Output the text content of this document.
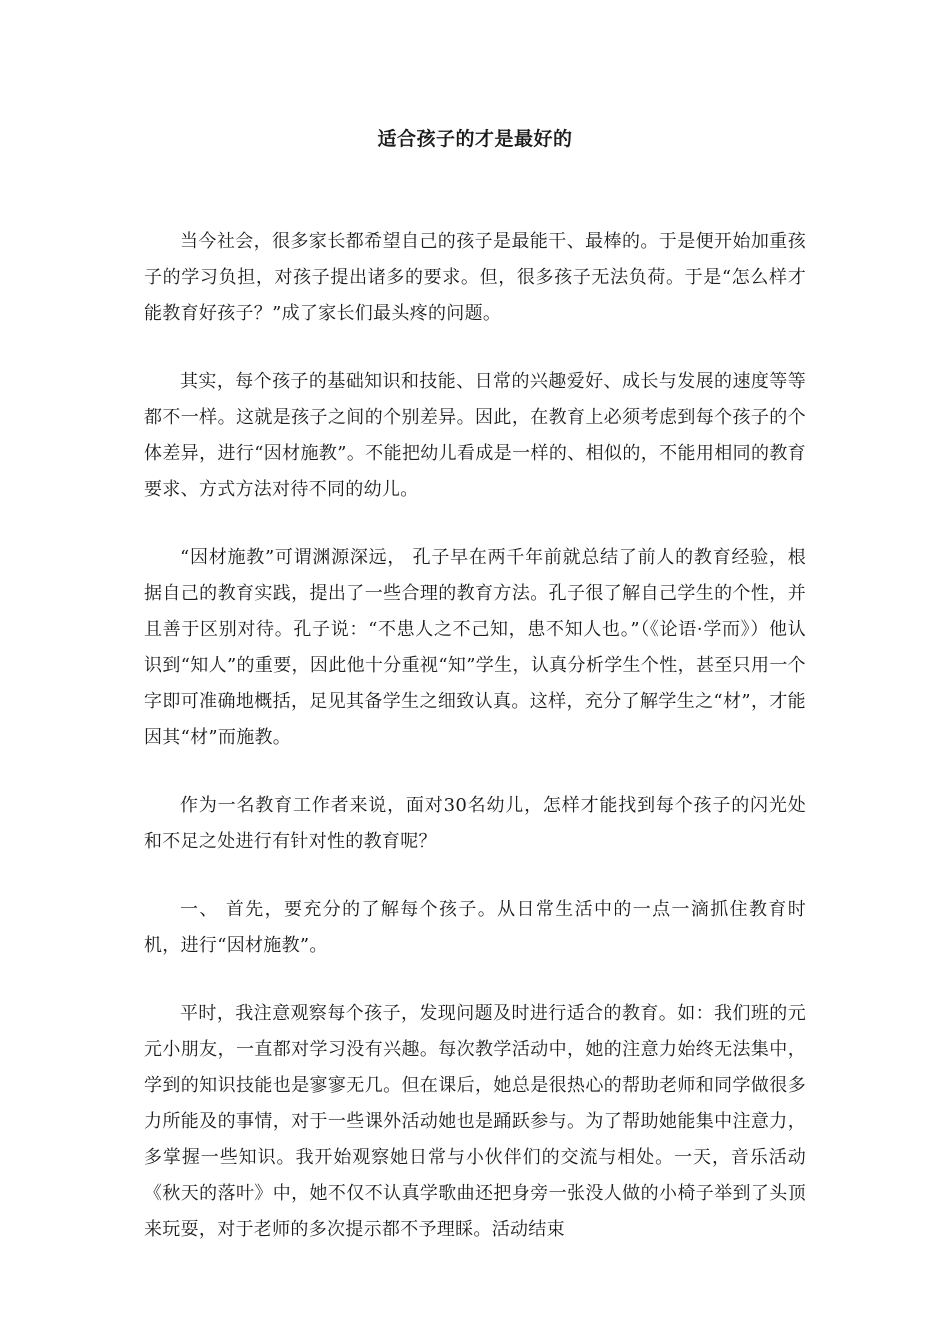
适合孩子的才是最好的

当今社会，很多家长都希望自己的孩子是最能干、最棒的。于是便开始加重孩子的学习负担，对孩子提出诸多的要求。但，很多孩子无法负荷。于是“怎么样才能教育好孩子？”成了家长们最头疼的问题。

其实，每个孩子的基础知识和技能、日常的兴趣爱好、成长与发展的速度等等都不一样。这就是孩子之间的个别差异。因此，在教育上必须考虑到每个孩子的个体差异，进行“因材施教”。不能把幼儿看成是一样的、相似的，不能用相同的教育要求、方式方法对待不同的幼儿。

“因材施教”可谓渊源深远， 孔子早在两千年前就总结了前人的教育经验，根据自己的教育实践，提出了一些合理的教育方法。孔子很了解自己学生的个性，并且善于区别对待。孔子说：“不患人之不己知，患不知人也。”（《论语·学而》）他认识到“知人”的重要，因此他十分重视“知”学生，认真分析学生个性，甚至只用一个字即可准确地概括，足见其备学生之细致认真。这样，充分了解学生之“材”，才能因其“材”而施教。

作为一名教育工作者来说，面对30名幼儿，怎样才能找到每个孩子的闪光处和不足之处进行有针对性的教育呢？

一、 首先，要充分的了解每个孩子。从日常生活中的一点一滴抓住教育时机，进行“因材施教”。

平时，我注意观察每个孩子，发现问题及时进行适合的教育。如：我们班的元元小朋友，一直都对学习没有兴趣。每次教学活动中，她的注意力始终无法集中，学到的知识技能也是寥寥无几。但在课后，她总是很热心的帮助老师和同学做很多力所能及的事情，对于一些课外活动她也是踊跃参与。为了帮助她能集中注意力，多掌握一些知识。我开始观察她日常与小伙伴们的交流与相处。一天，音乐活动《秋天的落叶》中，她不仅不认真学歌曲还把身旁一张没人做的小椅子举到了头顶来玩耍，对于老师的多次提示都不予理睬。活动结束
